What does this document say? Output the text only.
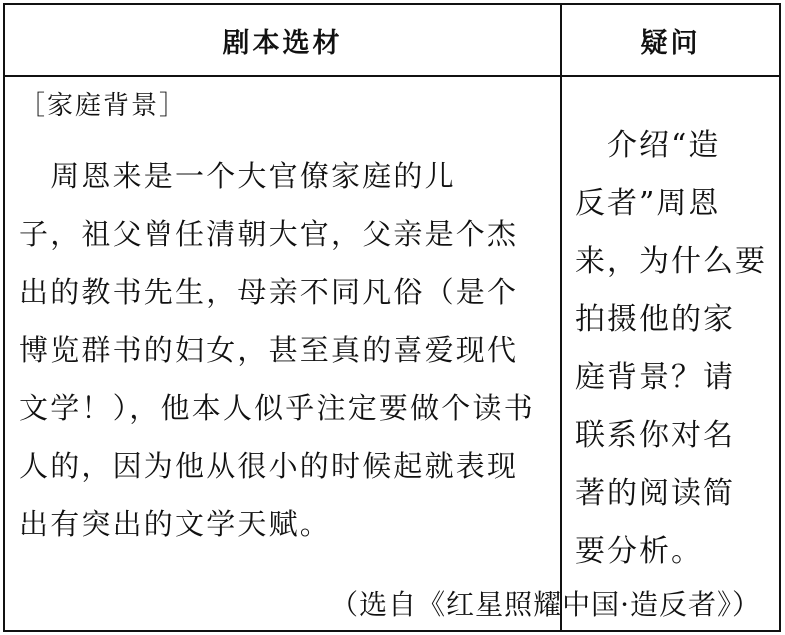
剧本选材	疑问
［家庭背景］

　周恩来是一个大官僚家庭的儿

子，祖父曾任清朝大官，父亲是个杰

出的教书先生，母亲不同凡俗（是个

博览群书的妇女，甚至真的喜爱现代

文学！），他本人似乎注定要做个读书

人的，因为他从很小的时候起就表现

出有突出的文学天赋。

（选自《红星照耀中国·造反者》）

　介绍“造

反者”周恩

来，为什么要

拍摄他的家

庭背景？请

联系你对名

著的阅读简

要分析。
